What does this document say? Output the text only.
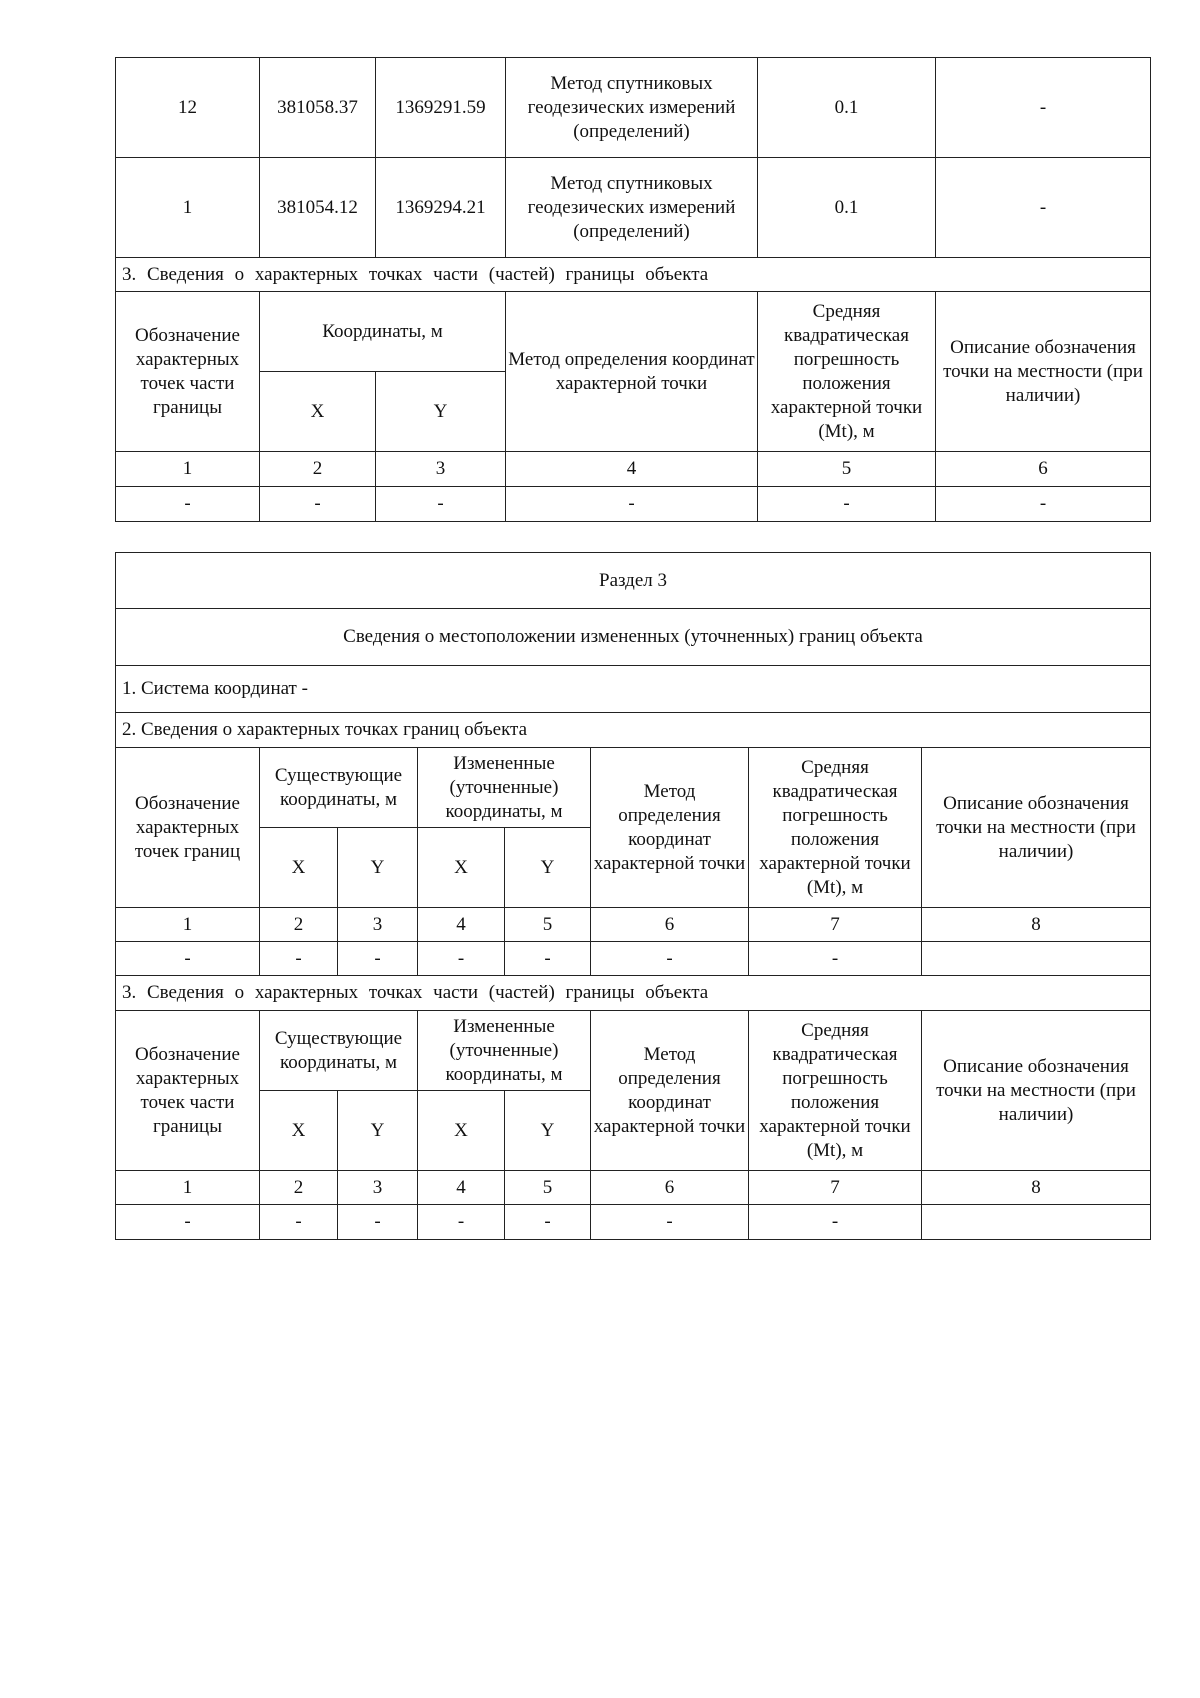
12	381058.37	1369291.59	Метод спутниковых геодезических измерений (определений)	0.1	-
1	381054.12	1369294.21	Метод спутниковых геодезических измерений (определений)	0.1	-
3. Сведения о характерных точках части (частей) границы объекта					
Обозначение характерных точек части границы	Координаты, м		Метод определения координат характерной точки	Средняя квадратическая погрешность положения характерной точки (Mt), м	Описание обозначения точки на местности (при наличии)
	X	Y			
1	2	3	4	5	6
-	-	-	-	-	-
Раздел 3							
Сведения о местоположении измененных (уточненных) границ объекта							
1. Система координат -							
2. Сведения о характерных точках границ объекта							
Обозначение характерных точек границ	Существующие координаты, м		Измененные (уточненные) координаты, м		Метод определения координат характерной точки	Средняя квадратическая погрешность положения характерной точки (Mt), м	Описание обозначения точки на местности (при наличии)
	X	Y	X	Y			
1	2	3	4	5	6	7	8
-	-	-	-	-	-	-	
3. Сведения о характерных точках части (частей) границы объекта							
Обозначение характерных точек части границы	Существующие координаты, м		Измененные (уточненные) координаты, м		Метод определения координат характерной точки	Средняя квадратическая погрешность положения характерной точки (Mt), м	Описание обозначения точки на местности (при наличии)
	X	Y	X	Y			
1	2	3	4	5	6	7	8
-	-	-	-	-	-	-	
